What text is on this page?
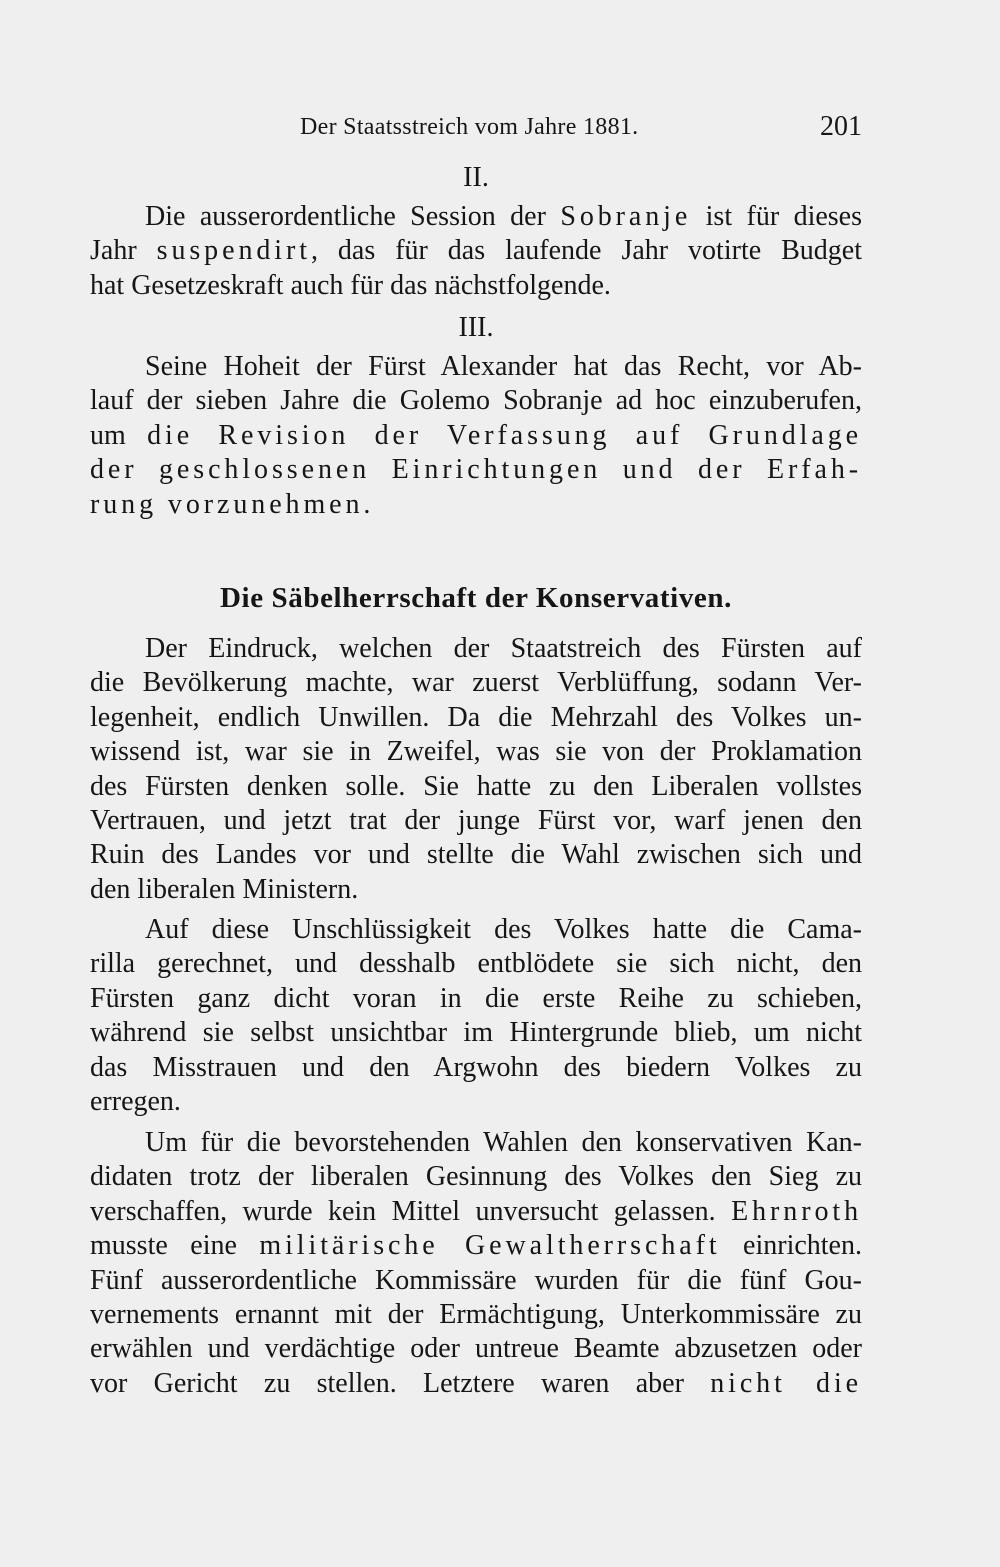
Der Staatsstreich vom Jahre 1881.	201
II.
Die ausserordentliche Session der Sobranje ist für dieses
Jahr suspendirt, das für das laufende Jahr votirte Budget
hat Gesetzeskraft auch für das nächstfolgende.
III.
Seine Hoheit der Fürst Alexander hat das Recht, vor Ab-
lauf der sieben Jahre die Golemo Sobranje ad hoc einzuberufen,
um die Revision der Verfassung auf Grundlage
der geschlossenen Einrichtungen und der Erfah-
rung vorzunehmen.
Die Säbelherrschaft der Konservativen.
Der Eindruck, welchen der Staatstreich des Fürsten auf
die Bevölkerung machte, war zuerst Verblüffung, sodann Ver-
legenheit, endlich Unwillen. Da die Mehrzahl des Volkes un-
wissend ist, war sie in Zweifel, was sie von der Proklamation
des Fürsten denken solle. Sie hatte zu den Liberalen vollstes
Vertrauen, und jetzt trat der junge Fürst vor, warf jenen den
Ruin des Landes vor und stellte die Wahl zwischen sich und
den liberalen Ministern.
Auf diese Unschlüssigkeit des Volkes hatte die Cama-
rilla gerechnet, und desshalb entblödete sie sich nicht, den
Fürsten ganz dicht voran in die erste Reihe zu schieben,
während sie selbst unsichtbar im Hintergrunde blieb, um nicht
das Misstrauen und den Argwohn des biedern Volkes zu
erregen.
Um für die bevorstehenden Wahlen den konservativen Kan-
didaten trotz der liberalen Gesinnung des Volkes den Sieg zu
verschaffen, wurde kein Mittel unversucht gelassen. Ehrnroth
musste eine militärische Gewaltherrschaft einrichten.
Fünf ausserordentliche Kommissäre wurden für die fünf Gou-
vernements ernannt mit der Ermächtigung, Unterkommissäre zu
erwählen und verdächtige oder untreue Beamte abzusetzen oder
vor Gericht zu stellen. Letztere waren aber nicht die
